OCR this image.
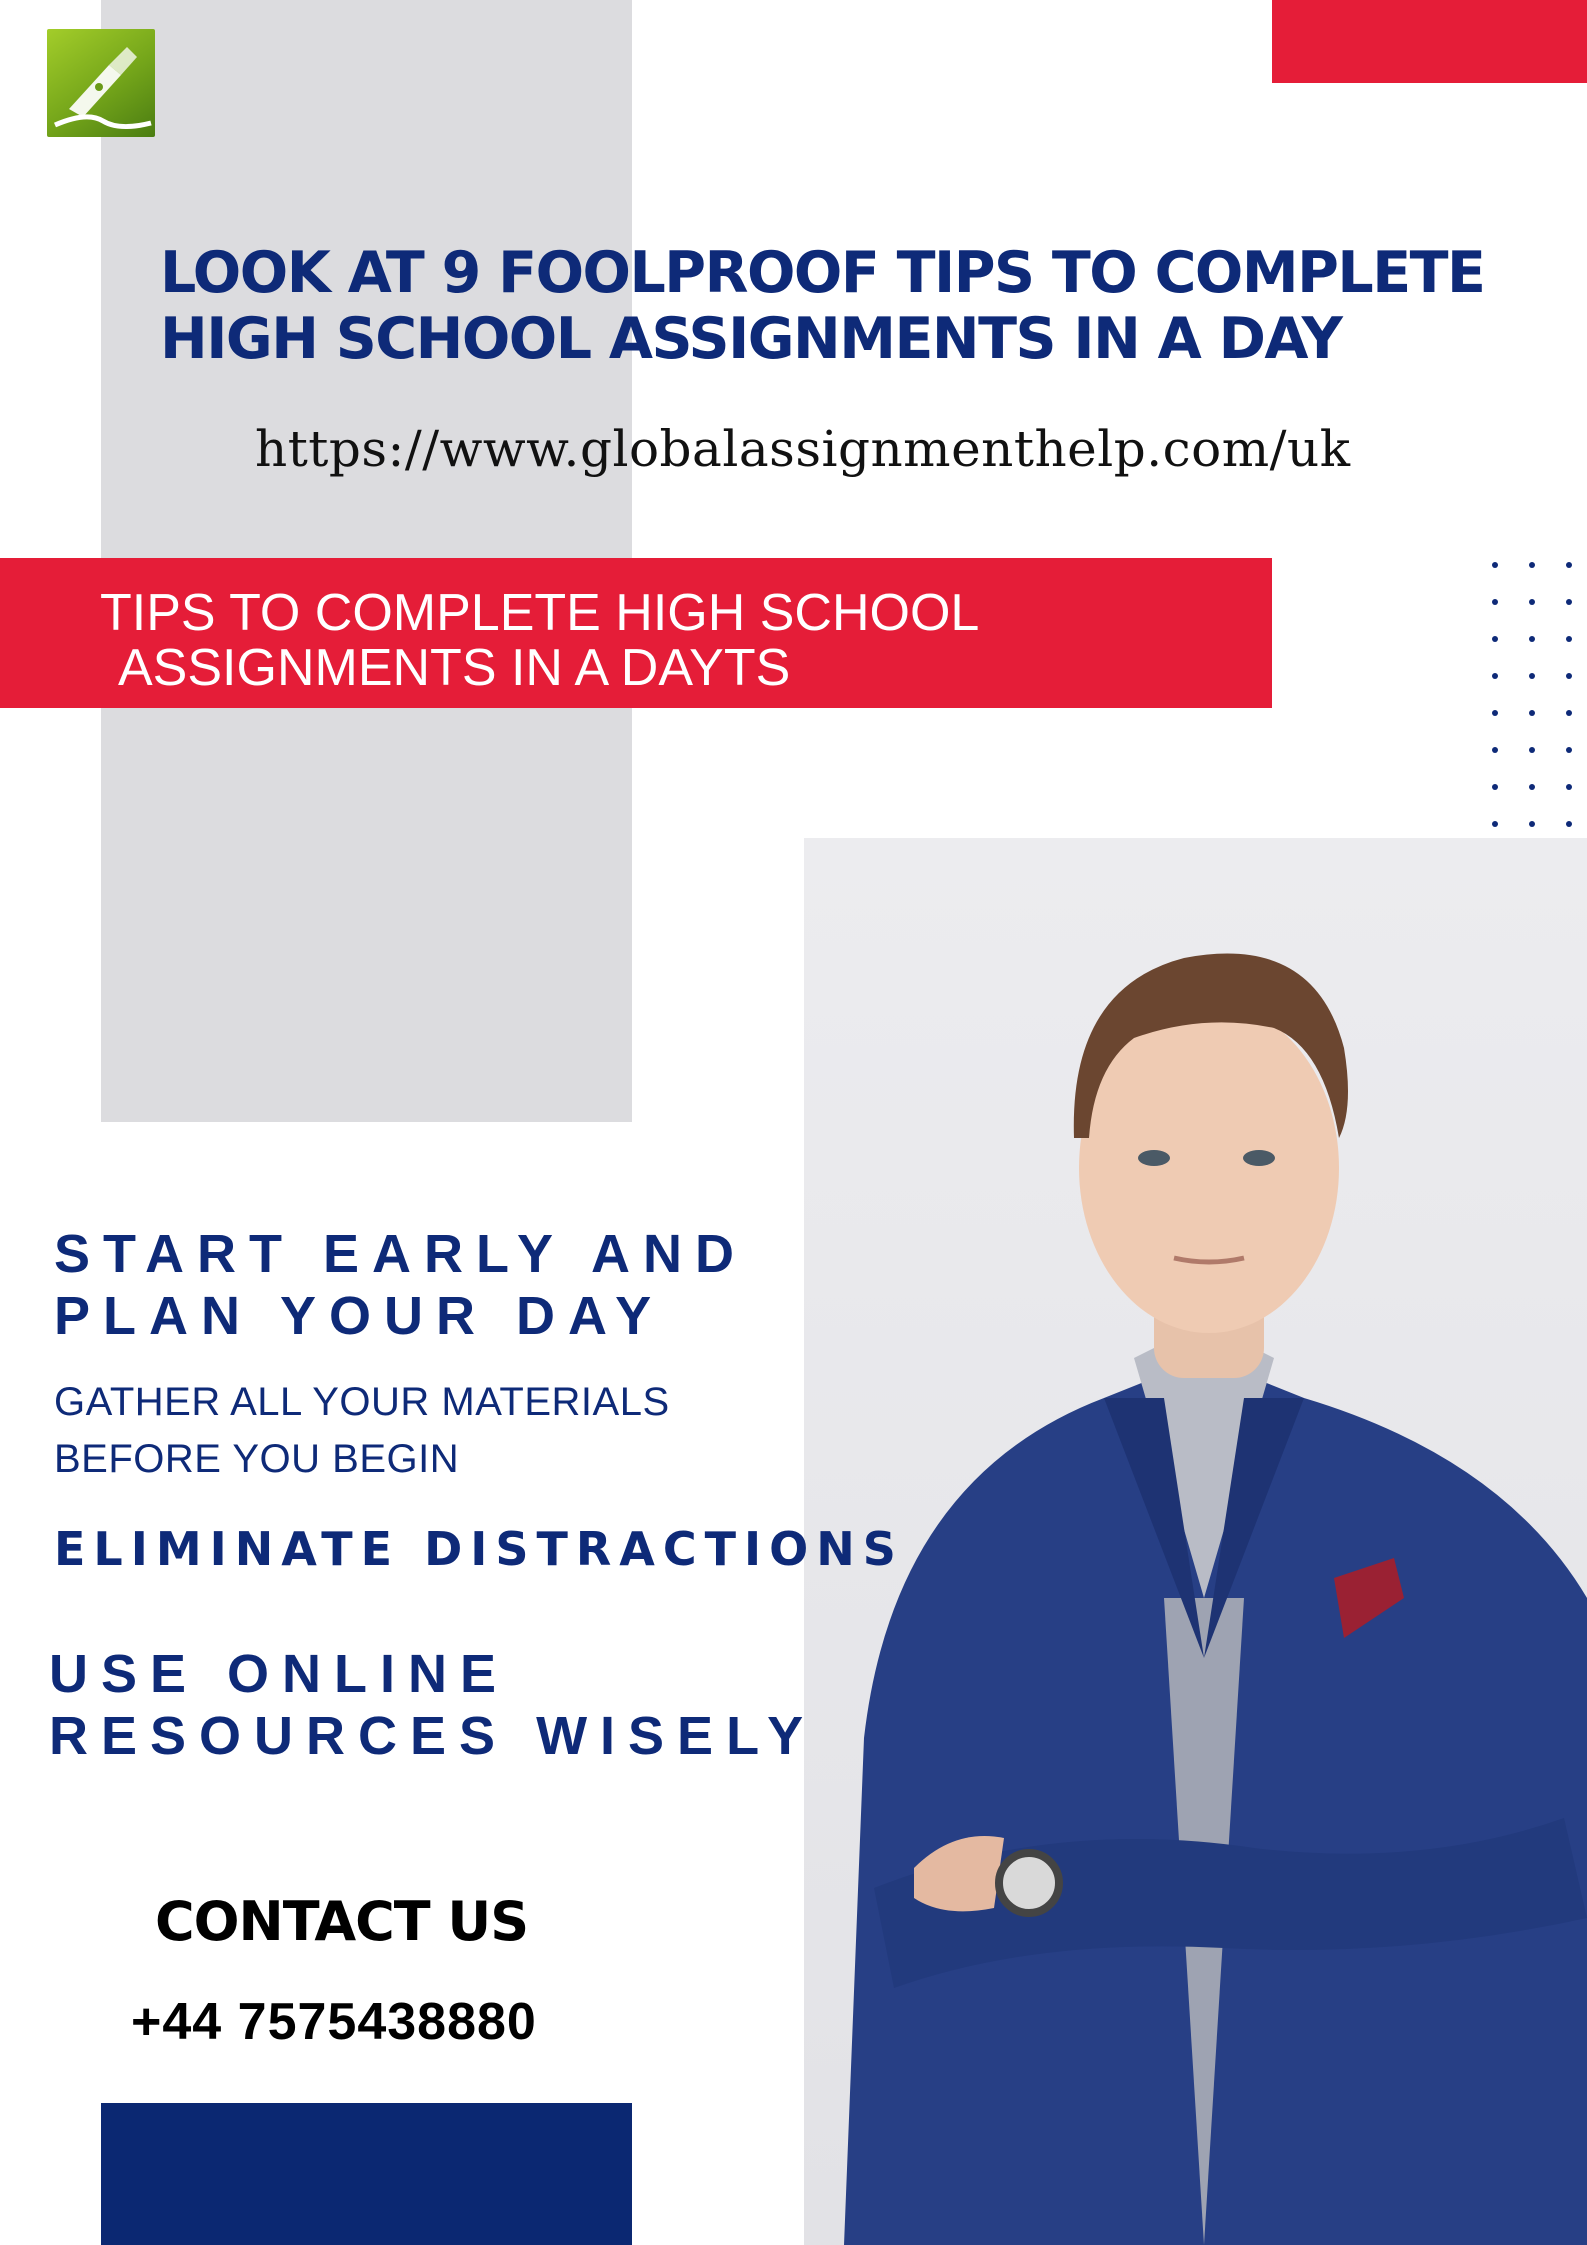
LOOK AT 9 FOOLPROOF TIPS TO COMPLETE
HIGH SCHOOL ASSIGNMENTS IN A DAY
https://www.globalassignmenthelp.com/uk
TIPS TO COMPLETE HIGH SCHOOL
ASSIGNMENTS IN A DAYTS
START EARLY AND
PLAN YOUR DAY
GATHER ALL YOUR MATERIALS
BEFORE YOU BEGIN
ELIMINATE DISTRACTIONS
USE ONLINE
RESOURCES WISELY
CONTACT US
+44 7575438880
